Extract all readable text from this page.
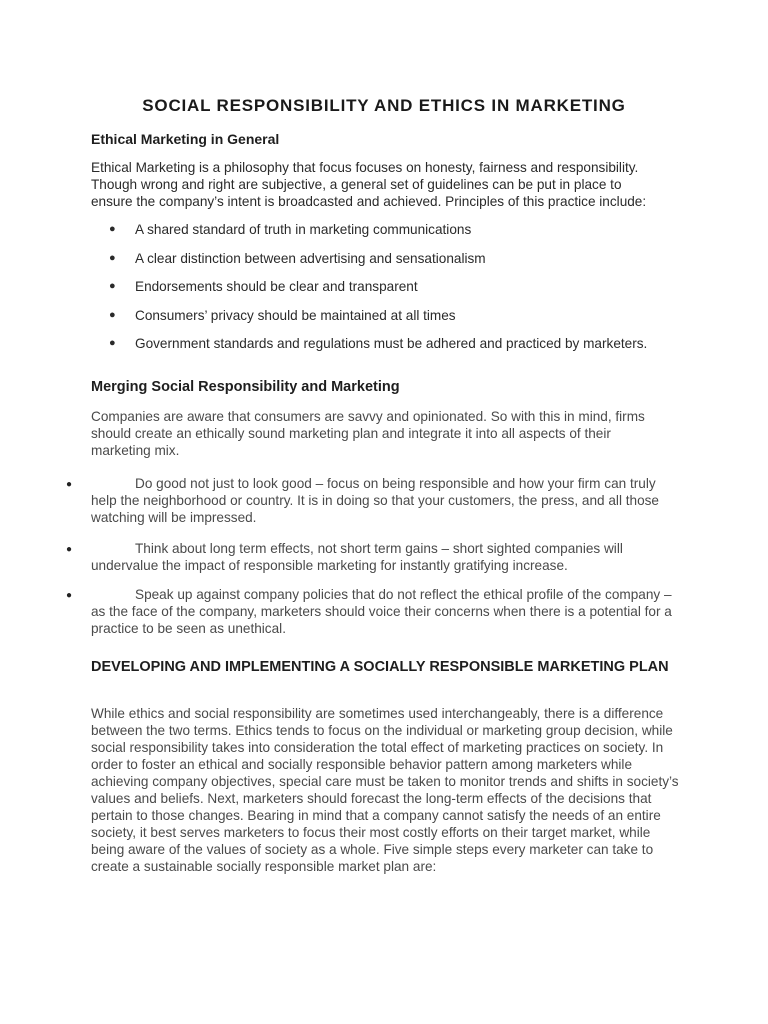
SOCIAL RESPONSIBILITY AND ETHICS IN MARKETING
Ethical Marketing in General
Ethical Marketing is a philosophy that focus focuses on honesty, fairness and responsibility. Though wrong and right are subjective, a general set of guidelines can be put in place to ensure the company’s intent is broadcasted and achieved. Principles of this practice include:
● A shared standard of truth in marketing communications
● A clear distinction between advertising and sensationalism
● Endorsements should be clear and transparent
● Consumers’ privacy should be maintained at all times
● Government standards and regulations must be adhered and practiced by marketers.
Merging Social Responsibility and Marketing
Companies are aware that consumers are savvy and opinionated. So with this in mind, firms should create an ethically sound marketing plan and integrate it into all aspects of their marketing mix.
●	Do good not just to look good – focus on being responsible and how your firm can truly help the neighborhood or country. It is in doing so that your customers, the press, and all those watching will be impressed.
●	Think about long term effects, not short term gains – short sighted companies will undervalue the impact of responsible marketing for instantly gratifying increase.
●	Speak up against company policies that do not reflect the ethical profile of the company – as the face of the company, marketers should voice their concerns when there is a potential for a practice to be seen as unethical.
DEVELOPING AND IMPLEMENTING A SOCIALLY RESPONSIBLE MARKETING PLAN
While ethics and social responsibility are sometimes used interchangeably, there is a difference between the two terms. Ethics tends to focus on the individual or marketing group decision, while social responsibility takes into consideration the total effect of marketing practices on society. In order to foster an ethical and socially responsible behavior pattern among marketers while achieving company objectives, special care must be taken to monitor trends and shifts in society’s values and beliefs. Next, marketers should forecast the long-term effects of the decisions that pertain to those changes. Bearing in mind that a company cannot satisfy the needs of an entire society, it best serves marketers to focus their most costly efforts on their target market, while being aware of the values of society as a whole. Five simple steps every marketer can take to create a sustainable socially responsible market plan are:
